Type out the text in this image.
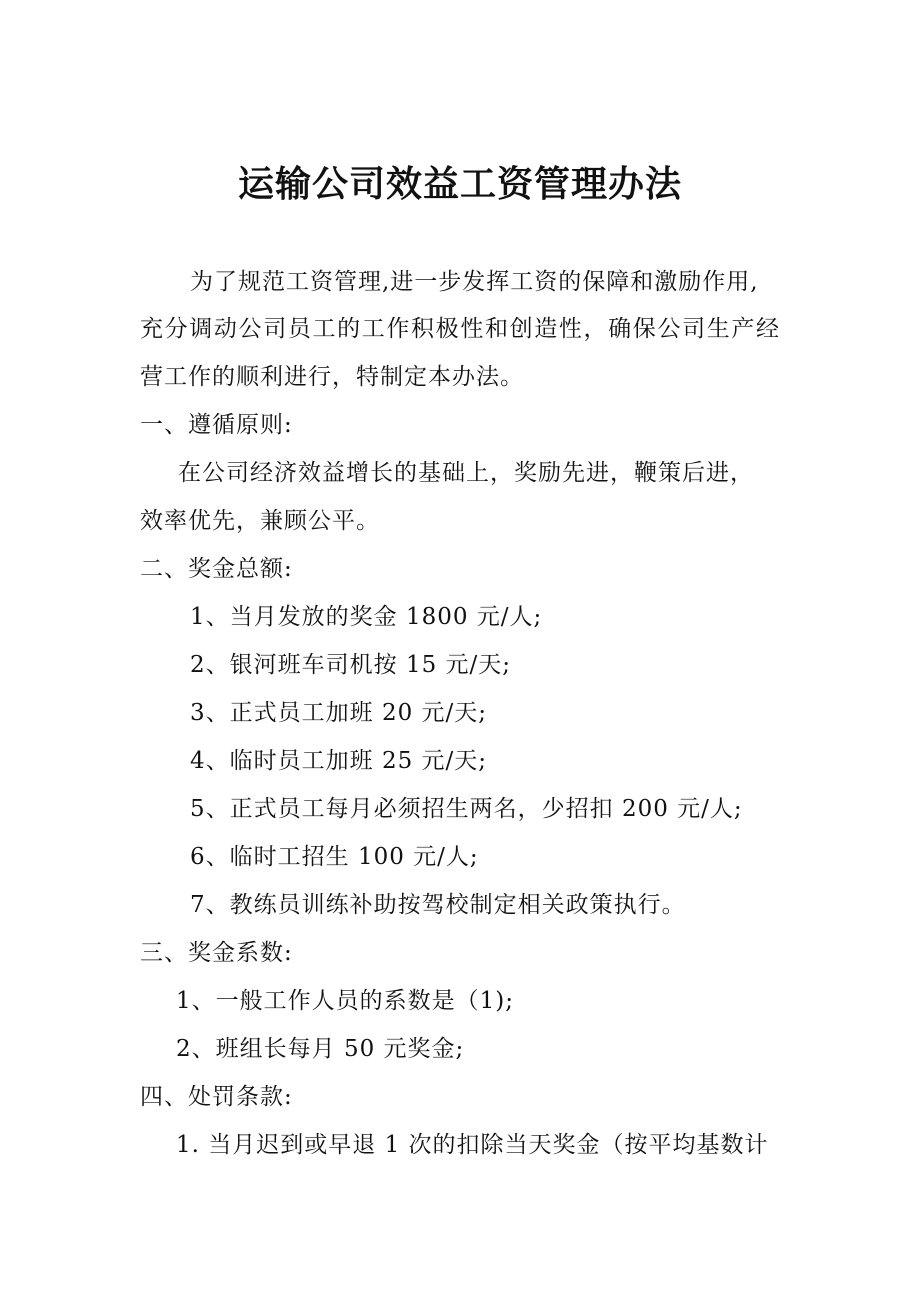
运输公司效益工资管理办法
为了规范工资管理,进一步发挥工资的保障和激励作用,
充分调动公司员工的工作积极性和创造性，确保公司生产经
营工作的顺利进行，特制定本办法。
一、遵循原则:
在公司经济效益增长的基础上，奖励先进，鞭策后进，
效率优先，兼顾公平。
二、奖金总额:
1、当月发放的奖金 1800 元/人;
2、银河班车司机按 15 元/天;
3、正式员工加班 20 元/天;
4、临时员工加班 25 元/天;
5、正式员工每月必须招生两名，少招扣 200 元/人;
6、临时工招生 100 元/人;
7、教练员训练补助按驾校制定相关政策执行。
三、奖金系数:
1、一般工作人员的系数是（1);
2、班组长每月 50 元奖金;
四、处罚条款:
1. 当月迟到或早退 1 次的扣除当天奖金（按平均基数计
